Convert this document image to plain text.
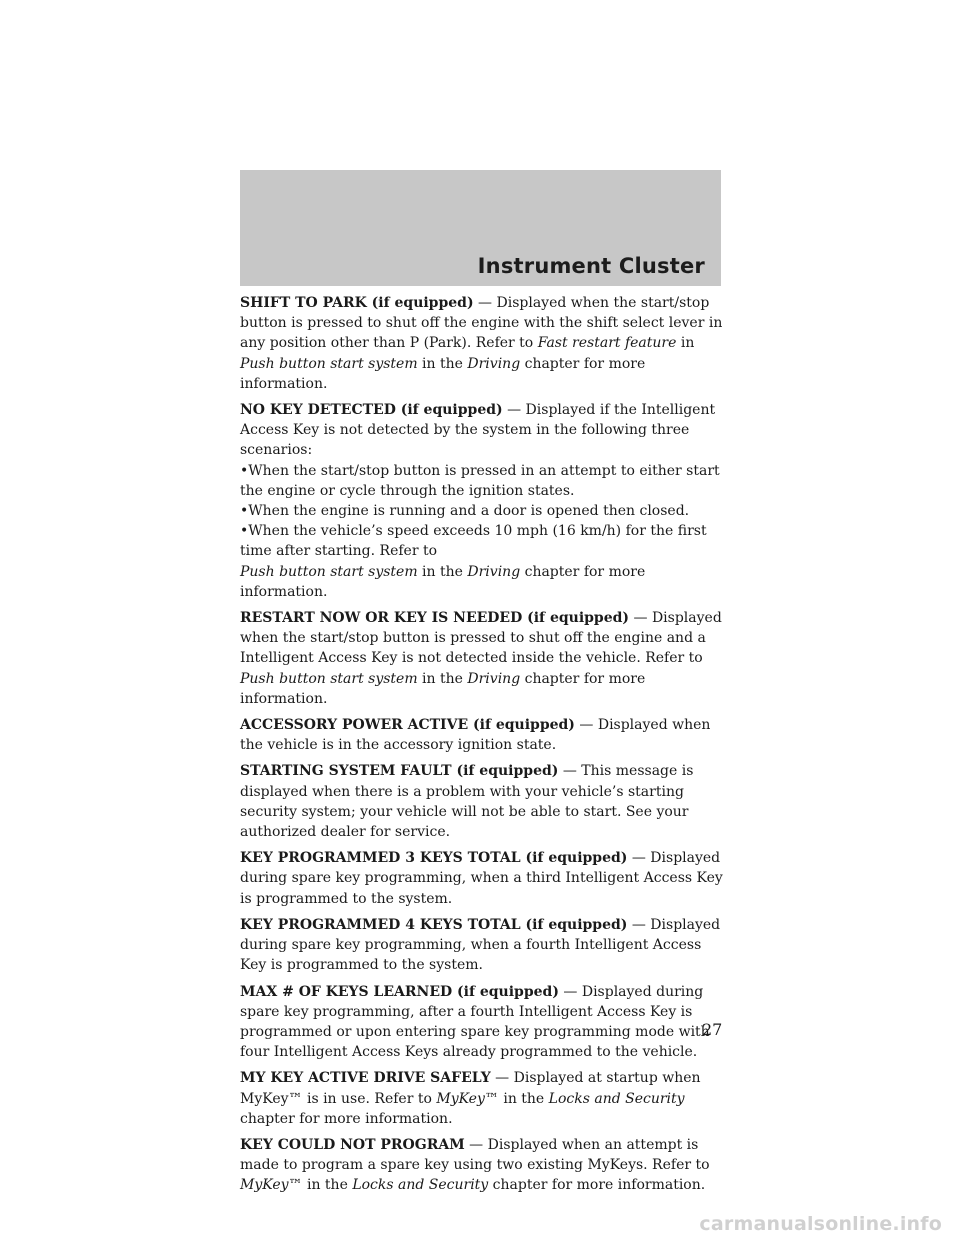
Instrument Cluster

SHIFT TO PARK (if equipped) — Displayed when the start/stop button is pressed to shut off the engine with the shift select lever in any position other than P (Park). Refer to Fast restart feature in Push button start system in the Driving chapter for more information.

NO KEY DETECTED (if equipped) — Displayed if the Intelligent Access Key is not detected by the system in the following three scenarios:
• When the start/stop button is pressed in an attempt to either start the engine or cycle through the ignition states.
• When the engine is running and a door is opened then closed.
• When the vehicle’s speed exceeds 10 mph (16 km/h) for the first time after starting. Refer to
Push button start system in the Driving chapter for more information.

RESTART NOW OR KEY IS NEEDED (if equipped) — Displayed when the start/stop button is pressed to shut off the engine and a Intelligent Access Key is not detected inside the vehicle. Refer to Push button start system in the Driving chapter for more information.

ACCESSORY POWER ACTIVE (if equipped) — Displayed when the vehicle is in the accessory ignition state.

STARTING SYSTEM FAULT (if equipped) — This message is displayed when there is a problem with your vehicle’s starting security system; your vehicle will not be able to start. See your authorized dealer for service.

KEY PROGRAMMED 3 KEYS TOTAL (if equipped) — Displayed during spare key programming, when a third Intelligent Access Key is programmed to the system.

KEY PROGRAMMED 4 KEYS TOTAL (if equipped) — Displayed during spare key programming, when a fourth Intelligent Access Key is programmed to the system.

MAX # OF KEYS LEARNED (if equipped) — Displayed during spare key programming, after a fourth Intelligent Access Key is programmed or upon entering spare key programming mode with four Intelligent Access Keys already programmed to the vehicle.

MY KEY ACTIVE DRIVE SAFELY — Displayed at startup when MyKey™ is in use. Refer to MyKey™ in the Locks and Security chapter for more information.

KEY COULD NOT PROGRAM — Displayed when an attempt is made to program a spare key using two existing MyKeys. Refer to MyKey™ in the Locks and Security chapter for more information.

27
carmanualsonline.info
